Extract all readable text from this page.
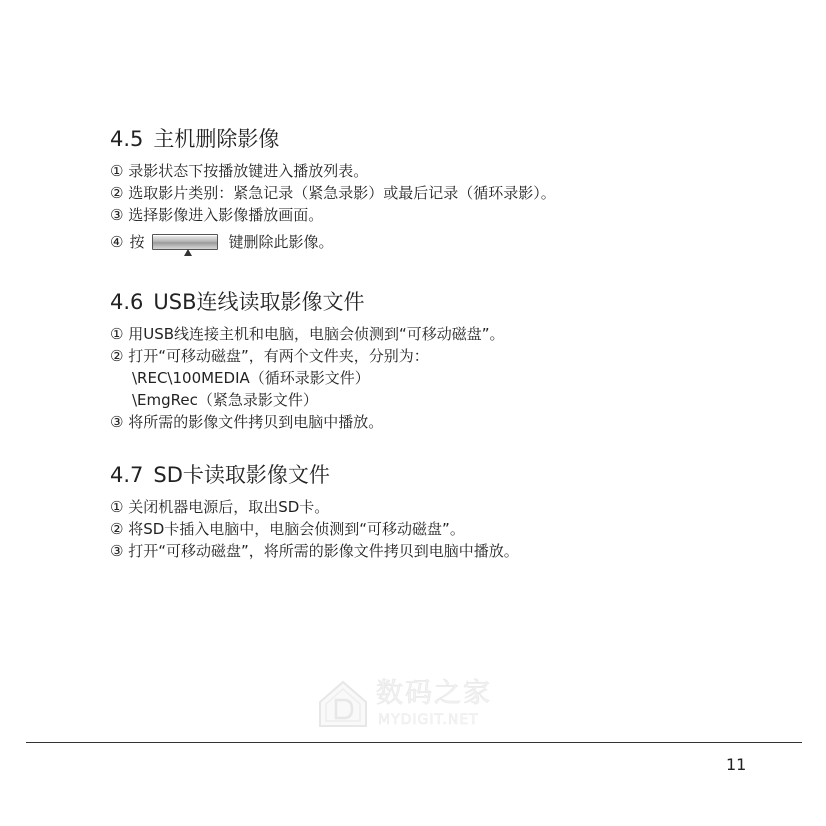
4.5 主机删除影像
① 录影状态下按播放键进入播放列表。
② 选取影片类别：紧急记录（紧急录影）或最后记录（循环录影）。
③ 选择影像进入影像播放画面。
④ 按	键删除此影像。
4.6 USB连线读取影像文件
① 用USB线连接主机和电脑，电脑会侦测到“可移动磁盘”。
② 打开“可移动磁盘”，有两个文件夹，分别为：
\REC\100MEDIA（循环录影文件）
\EmgRec（紧急录影文件）
③ 将所需的影像文件拷贝到电脑中播放。
4.7 SD卡读取影像文件
① 关闭机器电源后，取出SD卡。
② 将SD卡插入电脑中，电脑会侦测到“可移动磁盘”。
③ 打开“可移动磁盘”，将所需的影像文件拷贝到电脑中播放。
数码之家
MYDIGIT.NET
11
